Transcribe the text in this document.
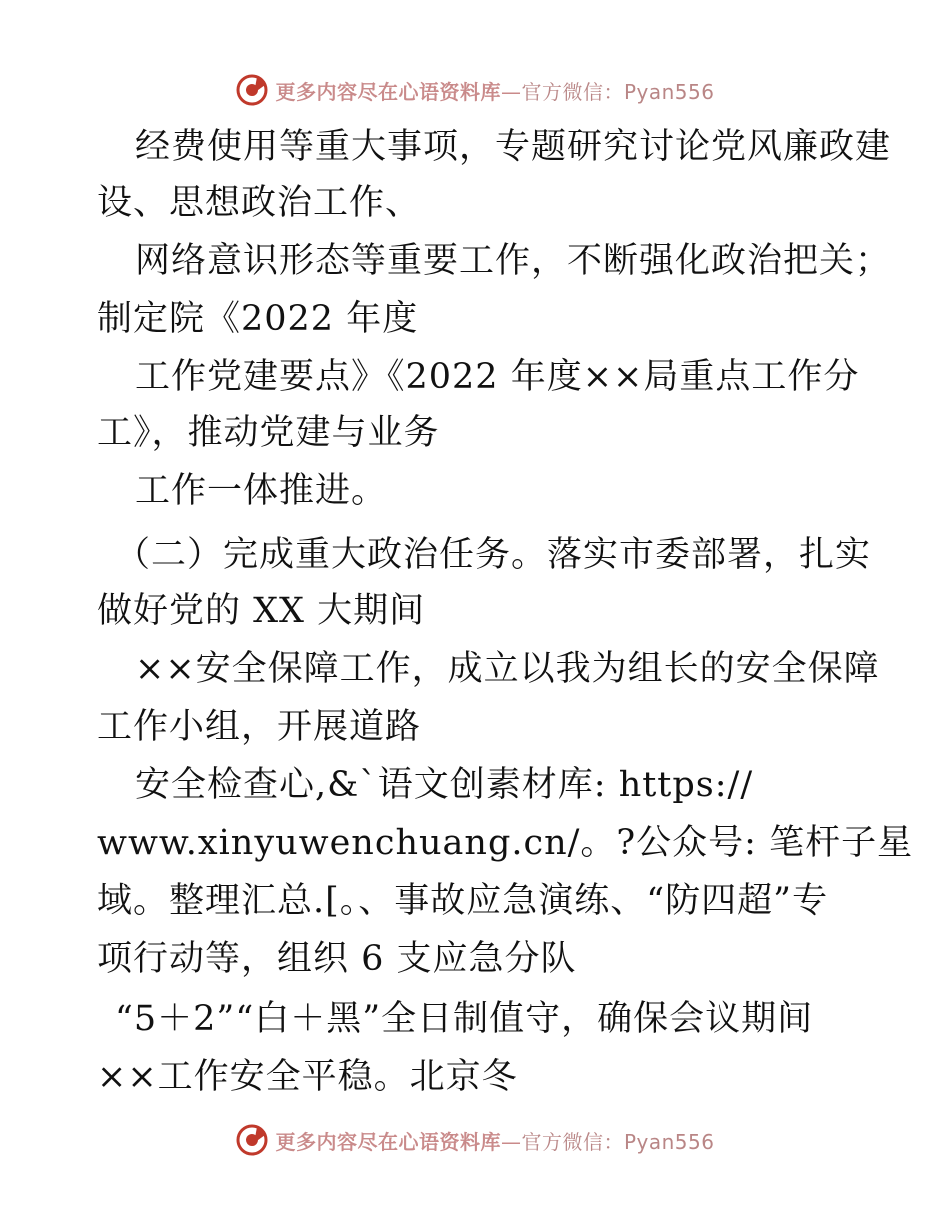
更多内容尽在心语资料库—官方微信：Pyan556
经费使用等重大事项，专题研究讨论党风廉政建
设、思想政治工作、
网络意识形态等重要工作，不断强化政治把关；
制定院《2022 年度
工作党建要点》《2022 年度××局重点工作分
工》，推动党建与业务
工作一体推进。
（二）完成重大政治任务。落实市委部署，扎实
做好党的 XX 大期间
××安全保障工作，成立以我为组长的安全保障
工作小组，开展道路
安全检查心,&`语文创素材库: https://
www.xinyuwenchuang.cn/。?公众号: 笔杆子星
域。整理汇总.[。、事故应急演练、“防四超”专
项行动等，组织 6 支应急分队
“5＋2”“白＋黑”全日制值守，确保会议期间
××工作安全平稳。北京冬
更多内容尽在心语资料库—官方微信：Pyan556
